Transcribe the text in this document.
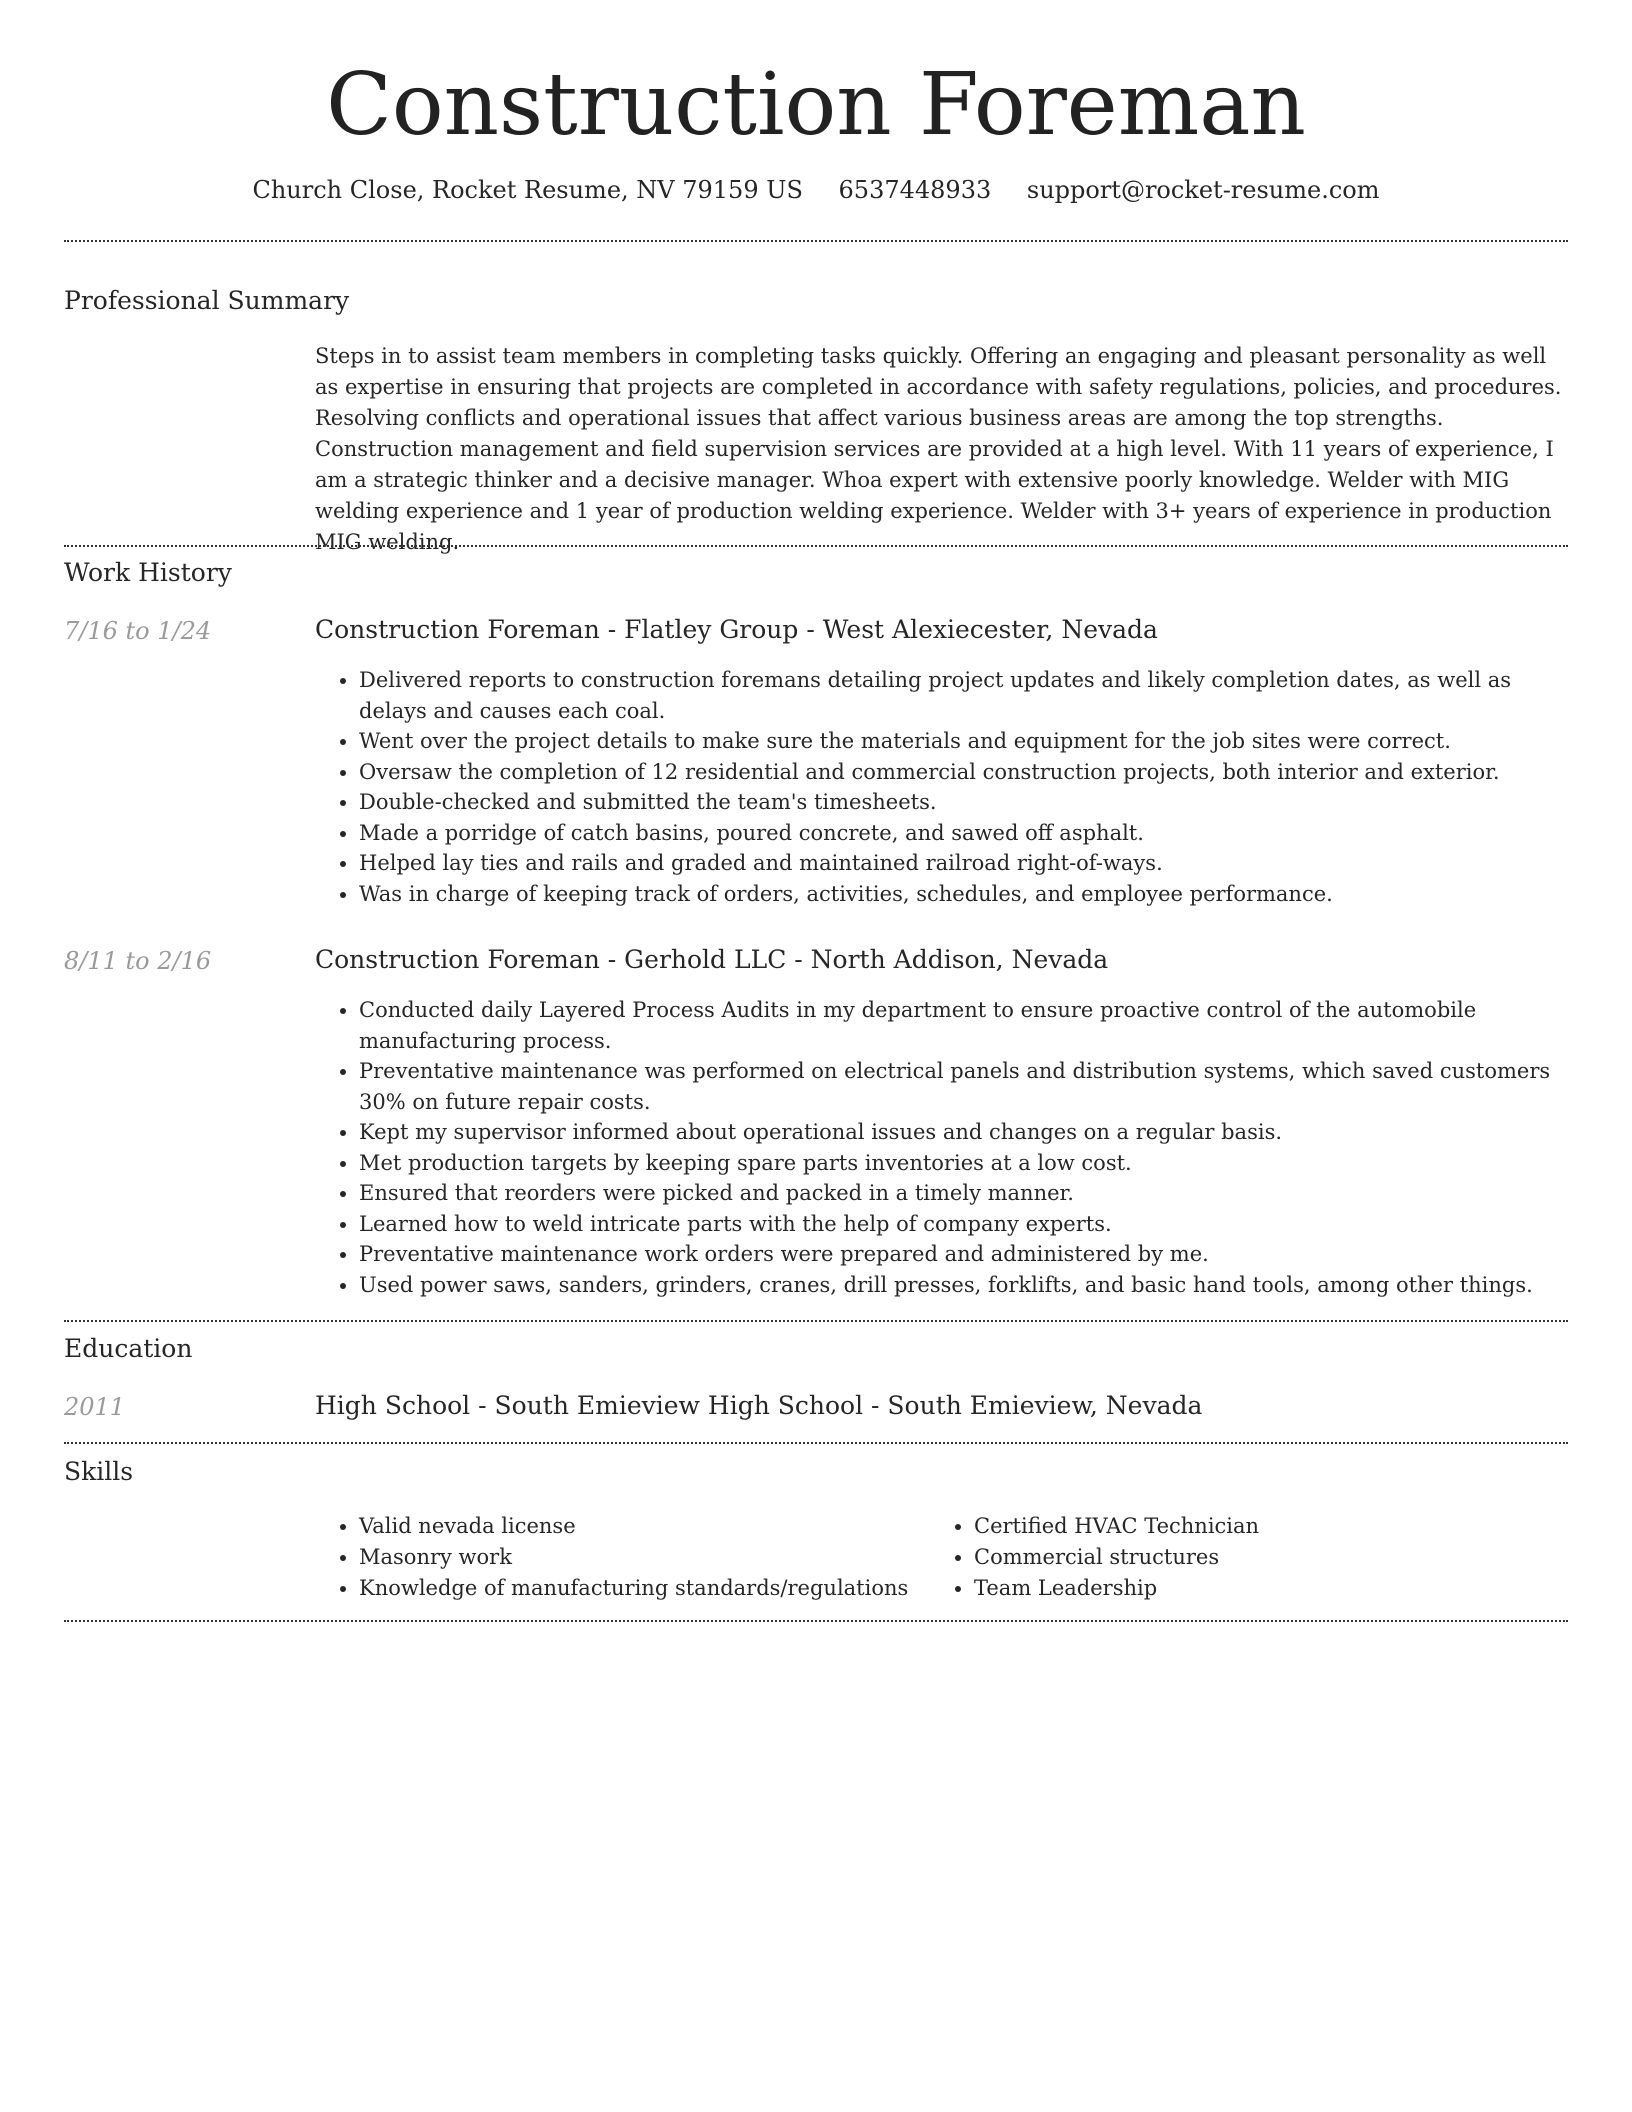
Construction Foreman
Church Close, Rocket Resume, NV 79159 US 6537448933 support@rocket-resume.com
Professional Summary
Steps in to assist team members in completing tasks quickly. Offering an engaging and pleasant personality as well as expertise in ensuring that projects are completed in accordance with safety regulations, policies, and procedures. Resolving conflicts and operational issues that affect various business areas are among the top strengths. Construction management and field supervision services are provided at a high level. With 11 years of experience, I am a strategic thinker and a decisive manager. Whoa expert with extensive poorly knowledge. Welder with MIG welding experience and 1 year of production welding experience. Welder with 3+ years of experience in production MIG welding.
Work History
7/16 to 1/24	Construction Foreman - Flatley Group - West Alexiecester, Nevada
• Delivered reports to construction foremans detailing project updates and likely completion dates, as well as delays and causes each coal.
• Went over the project details to make sure the materials and equipment for the job sites were correct.
• Oversaw the completion of 12 residential and commercial construction projects, both interior and exterior.
• Double-checked and submitted the team's timesheets.
• Made a porridge of catch basins, poured concrete, and sawed off asphalt.
• Helped lay ties and rails and graded and maintained railroad right-of-ways.
• Was in charge of keeping track of orders, activities, schedules, and employee performance.
8/11 to 2/16	Construction Foreman - Gerhold LLC - North Addison, Nevada
• Conducted daily Layered Process Audits in my department to ensure proactive control of the automobile manufacturing process.
• Preventative maintenance was performed on electrical panels and distribution systems, which saved customers 30% on future repair costs.
• Kept my supervisor informed about operational issues and changes on a regular basis.
• Met production targets by keeping spare parts inventories at a low cost.
• Ensured that reorders were picked and packed in a timely manner.
• Learned how to weld intricate parts with the help of company experts.
• Preventative maintenance work orders were prepared and administered by me.
• Used power saws, sanders, grinders, cranes, drill presses, forklifts, and basic hand tools, among other things.
Education
2011	High School - South Emieview High School - South Emieview, Nevada
Skills
• Valid nevada license
• Masonry work
• Knowledge of manufacturing standards/regulations
• Certified HVAC Technician
• Commercial structures
• Team Leadership
